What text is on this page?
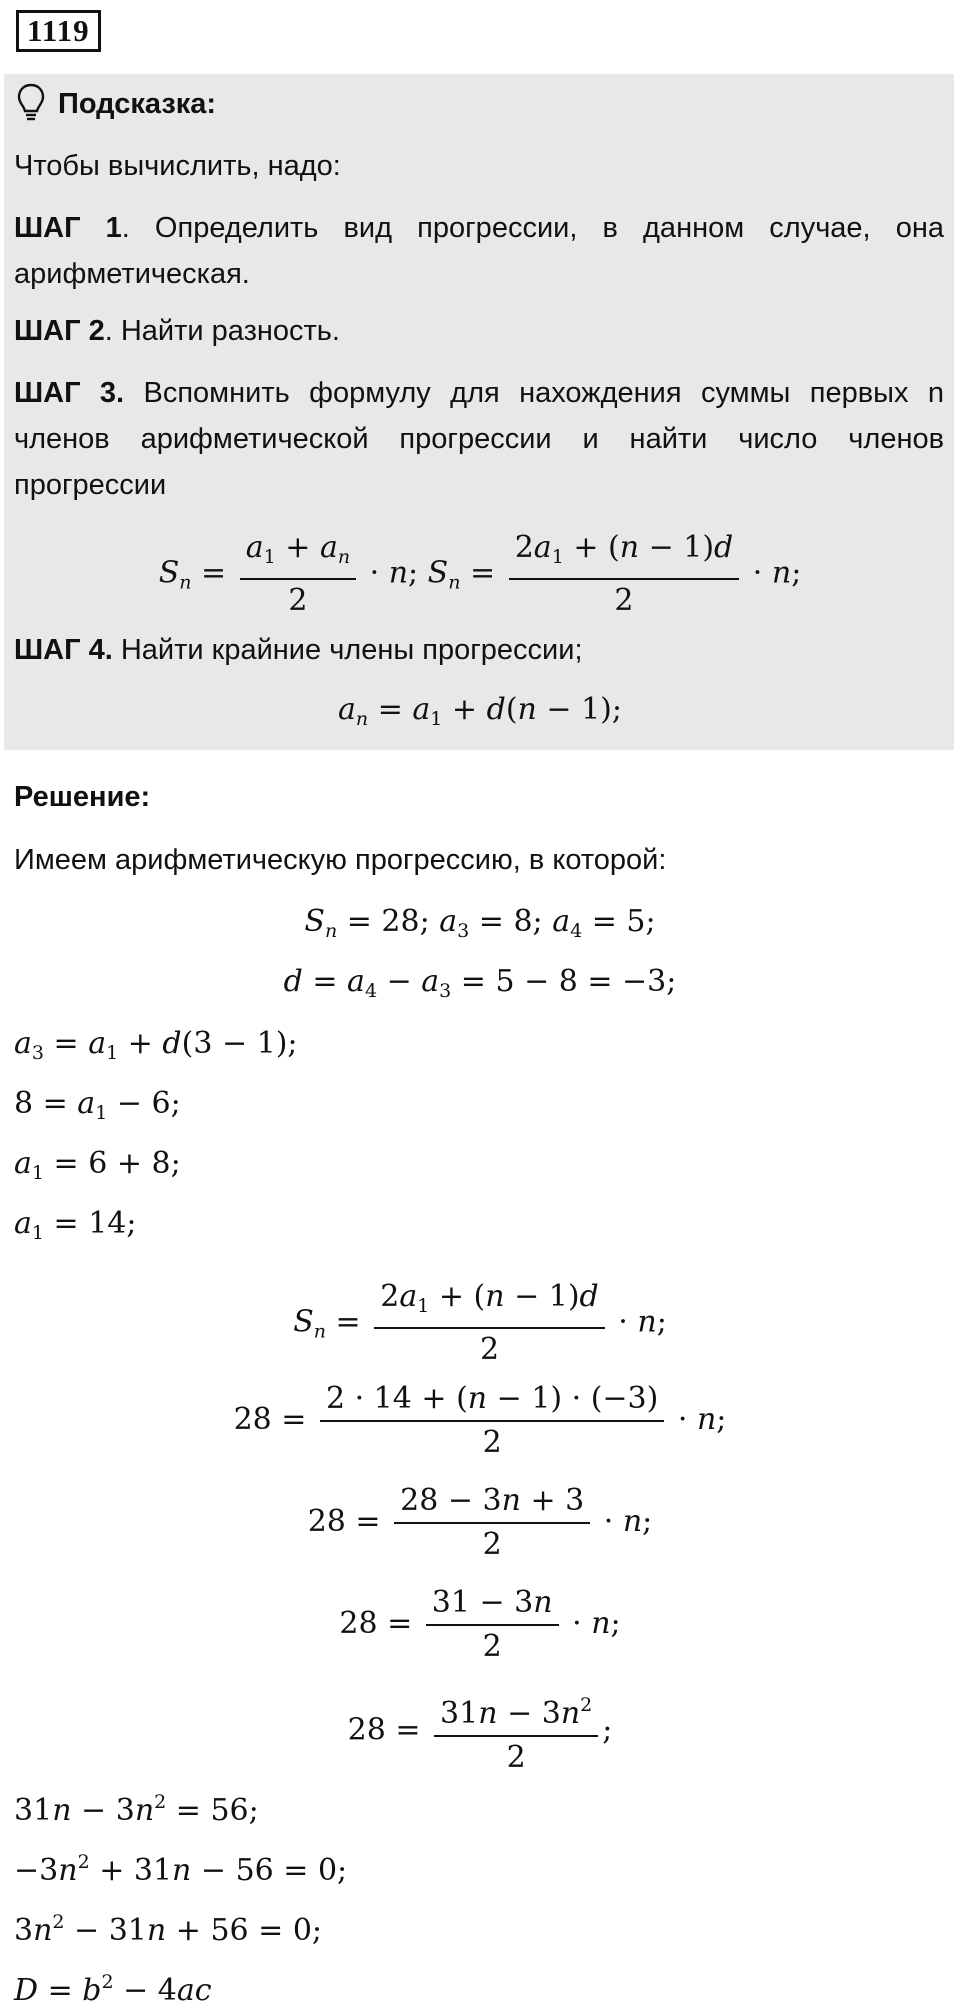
1119
Подсказка:
Чтобы вычислить, надо:
ШАГ 1. Определить вид прогрессии, в данном случае, она арифметическая.
ШАГ 2. Найти разность.
ШАГ 3. Вспомнить формулу для нахождения суммы первых n членов арифметической прогрессии и найти число членов прогрессии
$S_n = \frac{a_1 + a_n}{2} \cdot n$; $S_n = \frac{2a_1 + (n - 1)d}{2} \cdot n$;
ШАГ 4. Найти крайние члены прогрессии;
$a_n = a_1 + d(n - 1)$;
Решение:
Имеем арифметическую прогрессию, в которой:
$S_n = 28$; $a_3 = 8$; $a_4 = 5$;
$d = a_4 - a_3 = 5 - 8 = -3$;
$a_3 = a_1 + d(3 - 1)$;
$8 = a_1 - 6$;
$a_1 = 6 + 8$;
$a_1 = 14$;
$S_n = \frac{2a_1 + (n - 1)d}{2} \cdot n$;
$28 = \frac{2 \cdot 14 + (n - 1) \cdot (-3)}{2} \cdot n$;
$28 = \frac{28 - 3n + 3}{2} \cdot n$;
$28 = \frac{31 - 3n}{2} \cdot n$;
$28 = \frac{31n - 3n^2}{2}$ ;
$31n - 3n^2 = 56$;
$-3n^2 + 31n - 56 = 0$;
$3n^2 - 31n + 56 = 0$;
$D = b^2 - 4ac$
